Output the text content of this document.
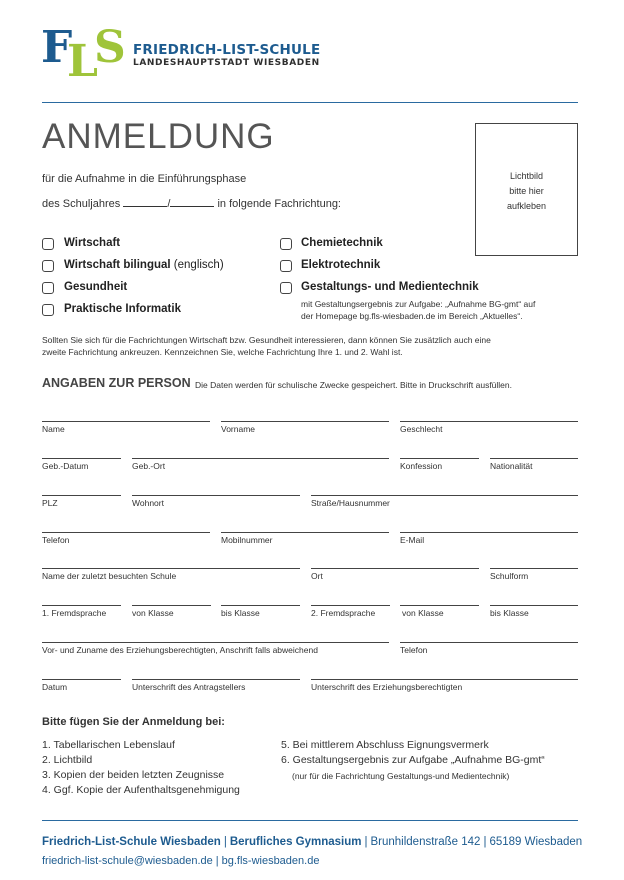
F
L
S FRIEDRICH-LIST-SCHULE
LANDESHAUPTSTADT WIESBADEN
ANMELDUNG
für die Aufnahme in die Einführungsphase
des Schuljahres	/	in folgende Fachrichtung:
Lichtbild
bitte hier
aufkleben
Wirtschaft
Wirtschaft bilingual (englisch)
Gesundheit
Praktische Informatik
Chemietechnik
Elektrotechnik
Gestaltungs- und Medientechnik
mit Gestaltungsergebnis zur Aufgabe: „Aufnahme BG-gmt“ auf
der Homepage bg.fls-wiesbaden.de im Bereich „Aktuelles“.
Sollten Sie sich für die Fachrichtungen Wirtschaft bzw. Gesundheit interessieren, dann können Sie zusätzlich auch eine
zweite Fachrichtung ankreuzen. Kennzeichnen Sie, welche Fachrichtung Ihre 1. und 2. Wahl ist.
ANGABEN ZUR PERSON Die Daten werden für schulische Zwecke gespeichert. Bitte in Druckschrift ausfüllen.
Name	Vorname	Geschlecht
Geb.-Datum	Geb.-Ort	Konfession	Nationalität
PLZ	Wohnort	Straße/Hausnummer
Telefon	Mobilnummer	E-Mail
Name der zuletzt besuchten Schule	Ort	Schulform
1. Fremdsprache	von Klasse	bis Klasse	2. Fremdsprache	von Klasse	bis Klasse
Vor- und Zuname des Erziehungsberechtigten, Anschrift falls abweichend	Telefon
Datum	Unterschrift des Antragstellers	Unterschrift des Erziehungsberechtigten
Bitte fügen Sie der Anmeldung bei:
1. Tabellarischen Lebenslauf
2. Lichtbild
3. Kopien der beiden letzten Zeugnisse
4. Ggf. Kopie der Aufenthaltsgenehmigung
5. Bei mittlerem Abschluss Eignungsvermerk
6. Gestaltungsergebnis zur Aufgabe „Aufnahme BG-gmt“
(nur für die Fachrichtung Gestaltungs-und Medientechnik)
Friedrich-List-Schule Wiesbaden | Berufliches Gymnasium | Brunhildenstraße 142 | 65189 Wiesbaden
friedrich-list-schule@wiesbaden.de | bg.fls-wiesbaden.de
